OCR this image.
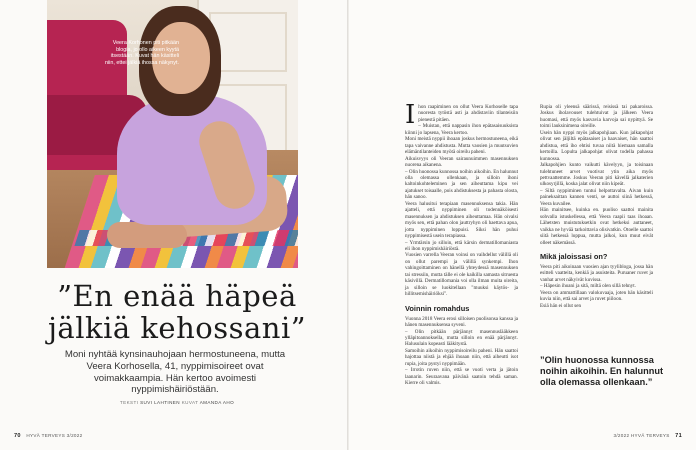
Veera Korhonen piti pitkään blogia, jo ollo aikeen kyytä itsestään. Kuvat hän käsitteli niin, ettei jälkiä ihossa näkynyt.
”En enää häpeä jälkiä kehossani”

Moni nyhtää kynsinauhojaan hermostuneena, mutta Veera Korhosella, 41, nyppimisoireet ovat voimakkaampia. Hän kertoo avoimesti nyppimishäiriöstään.

TEKSTI SUVI LAHTINEN KUVAT AMANDA AHO
70 HYVÄ TERVEYS 3/2022
I hon raapiminen on ollut Veera Korhoselle tapa nuoresta tytöstä asti ja ahdistaviin tilanteisiin pienestä pitäen.

– Muistan, että nappasin ihon epätasaisuuksista kiinni jo lapsena, Veera kertoo.

Moni meistä nyppii ihoaan joskus hermostuneena, eikä tapa vaivanne ahdistusta. Mutta vaosien ja muutsuvien elämäntilanteiden myötä oireilu paheni.

Aikuisvyys oli Veeran sairaunuimmen masennuksen nuorena aikanena.

– Olin huonossa kunnossa noihin aikoihin. En halunnut olla olemassa ollenkaan, ja silloin ihoni kaltoinkohteleminen ja sen aiheuttama kipu vei ajatukset toisaalle, pois ahdistuksesta ja pahasta olosta, hän sanoo.

Veera halusitui terapiaan masennuksensa takia. Hän ajatteli, että nyppiminen oli todennäköisesti masennuksen ja ahdistuksen aiheuttamaa. Hän oivalsi myös sen, että pahan olon jauttryhyn oli haettava apua, jotta nyppiminen loppuisi. Siksi hän puhui nyppimisestä usein terapiassa.

– Yrmtärsin jo silloin, että kärsin dermatillomaniasta eli ihon nyppimishäiriöstä.

Vuosien varrella Veeran voinsi on vaihdellut välillä oli on ollut parempi ja välillä synkempi. Ihon vahingoittaminen on hänellä yhteydessä masennuksen tai stressiin, mutta tälle ei ole kaikilla samasta sitruesta käsivillä. Dermatillomania voi olla ilman muita oireita, ja silloin se luokitellaan "muuksi käytös- ja hillitsemishäiriöksi".

Voinnin romahdus

Vuonna 2018 Veera erosi silloisen puolisonsa kanssa ja hänen masennuksensa syveni.

– Olin pitkään pärjännyt masennuslääkkeen ylläpitoannoksella, mutta silloin en enää pärjännyt. Halusulain kopeasti lääkitystä.

Samoihin aikoihin nyppimisoireilu paheni. Hän saattoi hajottaa niistä ja ehjää ihoaan niin, että aiheutti isot rupia, joita pystyi nyppimään.

– Irrotin ruven niin, että se vuoti verta ja jätoin laanarin. Seuraavana päivänä saatoin tehdä saman. Kierre oli valmis.

Rupia oli yleensä säärissä, reisissä tai pakaroissa. Joskus iholavouset tulehtuivat ja jälkeen Veera huomasi, että myös kasvavia karvoja sai nypittyä. Se toimi lauksinimena oireille.

Usein hän nyppi myös jalkapohjiaan. Kun jalkapohjat olivat sen jäljiltä epätasaiset ja haavaiset, hän saattoi ahdistua, että iho ehtisi tuvaa niitä hiemaan samalla kertoilla. Lopulta jalkapohjat olivat todella pahassa kunnossa.

Jalkapohjien kunto vaikutti kävelyyn, ja toisinaan tulehtuneet arvet vuotivat ytin aika myös pettvaattemme. Joskus Veeran piti kävellä jalkaterien ulkosyrjillä, koska jalat olivat niin kipeät.

– Siltä nyppiminen tuntui helpottavalta. Aivan kuin paineksaittan kannen venti, se auttoi siinä hetkessä, Veera kuvailee.

Hän mainitsee, kuinka en. puoliso saattoi mainita sohvalla istuskellessa, että Veera raapii taas ihoaan. Lähetsten muistutuksetkin ovat hetkeksi auttaneet, vaikka ne hyvää tarkoittavia olisivatkin. Otoelle saattoi siitä hetkessä loppua, mutta jalkoi, kun muut eivät olleet näkemässä.

Mikä jaloissasi on?

Veera piti aikoinaan vuosien ajan tyylibloga, jossa hän esitteli vaatteita, kenkiä ja asuisteita. Puruaner ruvet ja vanhat arvet näkyivät kuvissa.

– Häpesin ihoani ja sitä, miltä olen sillä tehnyt.

Veera on ammattillaan valokuvaaja, joten hän käsitteli kuvia niin, että sai arvet ja ruvet piiloon.

Esiä hän ei ollut sen

”Olin huonossa kunnossa noihin aikoihin. En halunnut olla olemassa ollenkaan.”
3/2022 HYVÄ TERVEYS 71
